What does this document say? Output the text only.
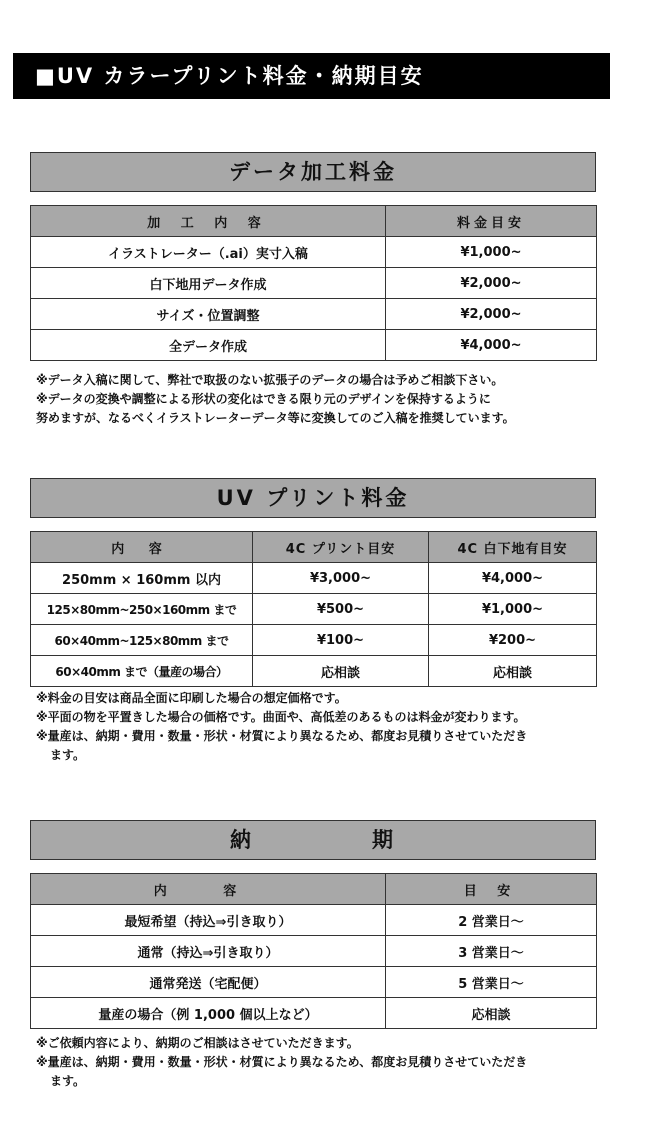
■UV カラープリント料金・納期目安
データ加工料金
加 工 内 容	料金目安
イラストレーター（.ai）実寸入稿	¥1,000~
白下地用データ作成	¥2,000~
サイズ・位置調整	¥2,000~
全データ作成	¥4,000~
※データ入稿に関して、弊社で取扱のない拡張子のデータの場合は予めご相談下さい。
※データの変換や調整による形状の変化はできる限り元のデザインを保持するように
努めますが、なるべくイラストレーターデータ等に変換してのご入稿を推奨しています。
UV プリント料金
内 容	4C プリント目安	4C 白下地有目安
250mm × 160mm 以内	¥3,000~	¥4,000~
125×80mm~250×160mm まで	¥500~	¥1,000~
60×40mm~125×80mm まで	¥100~	¥200~
60×40mm まで（量産の場合）	応相談	応相談
※料金の目安は商品全面に印刷した場合の想定価格です。
※平面の物を平置きした場合の価格です。曲面や、高低差のあるものは料金が変わります。
※量産は、納期・費用・数量・形状・材質により異なるため、都度お見積りさせていただき
ます。
納	期
内 容	目 安
最短希望（持込⇒引き取り）	2 営業日〜
通常（持込⇒引き取り）	3 営業日〜
通常発送（宅配便）	5 営業日〜
量産の場合（例 1,000 個以上など）	応相談
※ご依頼内容により、納期のご相談はさせていただきます。
※量産は、納期・費用・数量・形状・材質により異なるため、都度お見積りさせていただき
ます。
